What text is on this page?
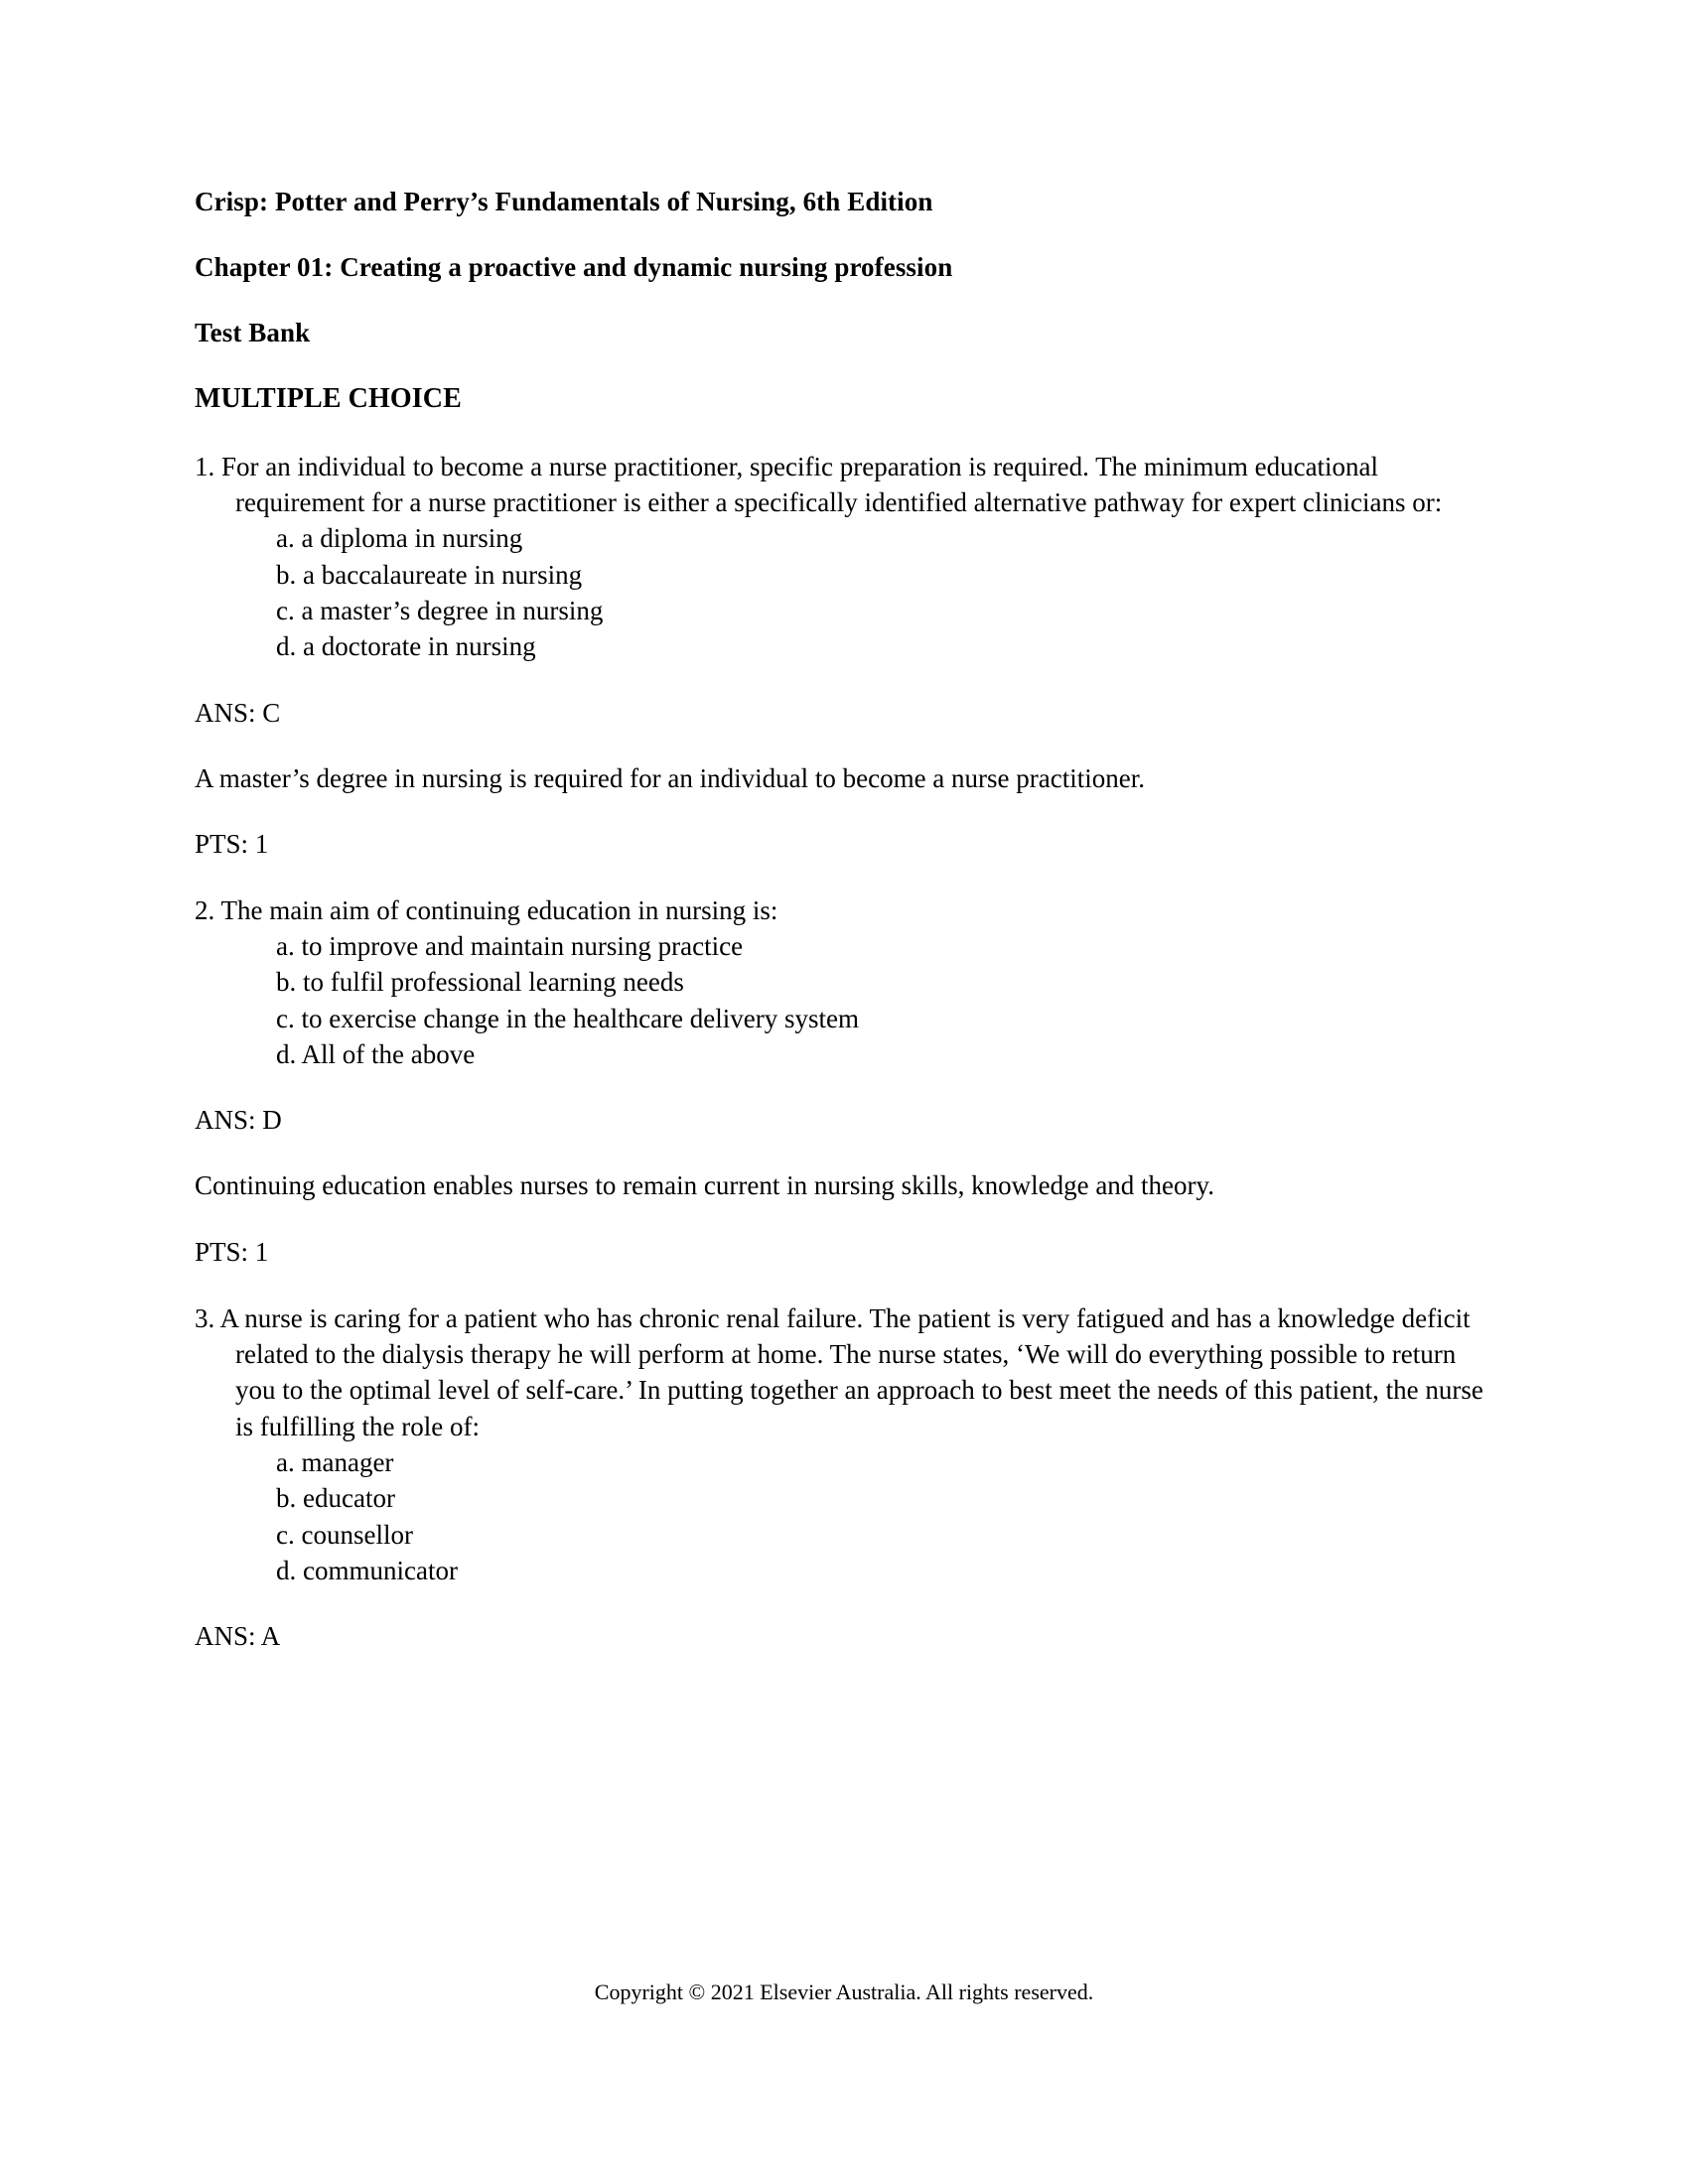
Crisp: Potter and Perry’s Fundamentals of Nursing, 6th Edition

Chapter 01: Creating a proactive and dynamic nursing profession

Test Bank

MULTIPLE CHOICE

1. For an individual to become a nurse practitioner, specific preparation is required. The minimum educational requirement for a nurse practitioner is either a specifically identified alternative pathway for expert clinicians or:
a. a diploma in nursing
b. a baccalaureate in nursing
c. a master’s degree in nursing
d. a doctorate in nursing

ANS: C

A master’s degree in nursing is required for an individual to become a nurse practitioner.

PTS: 1

2. The main aim of continuing education in nursing is:
a. to improve and maintain nursing practice
b. to fulfil professional learning needs
c. to exercise change in the healthcare delivery system
d. All of the above

ANS: D

Continuing education enables nurses to remain current in nursing skills, knowledge and theory.

PTS: 1

3. A nurse is caring for a patient who has chronic renal failure. The patient is very fatigued and has a knowledge deficit related to the dialysis therapy he will perform at home. The nurse states, ‘We will do everything possible to return you to the optimal level of self-care.’ In putting together an approach to best meet the needs of this patient, the nurse is fulfilling the role of:
a. manager
b. educator
c. counsellor
d. communicator

ANS: A

Copyright © 2021 Elsevier Australia. All rights reserved.
